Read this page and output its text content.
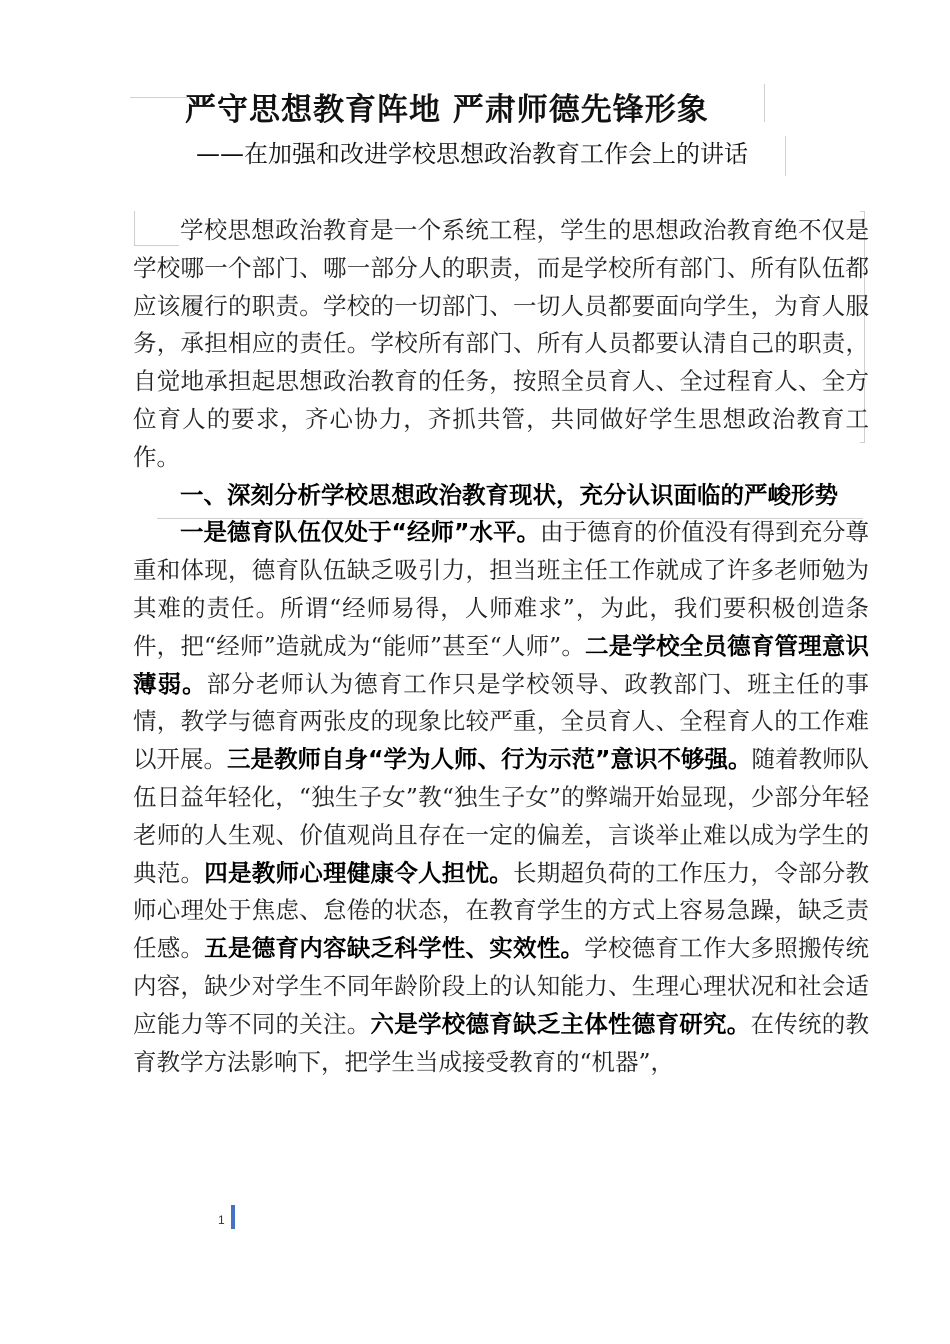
严守思想教育阵地 严肃师德先锋形象
——在加强和改进学校思想政治教育工作会上的讲话

学校思想政治教育是一个系统工程，学生的思想政治教育绝不仅是学校哪一个部门、哪一部分人的职责，而是学校所有部门、所有队伍都应该履行的职责。学校的一切部门、一切人员都要面向学生，为育人服务，承担相应的责任。学校所有部门、所有人员都要认清自己的职责，自觉地承担起思想政治教育的任务，按照全员育人、全过程育人、全方位育人的要求，齐心协力，齐抓共管，共同做好学生思想政治教育工作。

一、深刻分析学校思想政治教育现状，充分认识面临的严峻形势

一是德育队伍仅处于“经师”水平。由于德育的价值没有得到充分尊重和体现，德育队伍缺乏吸引力，担当班主任工作就成了许多老师勉为其难的责任。所谓“经师易得，人师难求”，为此，我们要积极创造条件，把“经师”造就成为“能师”甚至“人师”。二是学校全员德育管理意识薄弱。部分老师认为德育工作只是学校领导、政教部门、班主任的事情，教学与德育两张皮的现象比较严重，全员育人、全程育人的工作难以开展。三是教师自身“学为人师、行为示范”意识不够强。随着教师队伍日益年轻化，“独生子女”教“独生子女”的弊端开始显现，少部分年轻老师的人生观、价值观尚且存在一定的偏差，言谈举止难以成为学生的典范。四是教师心理健康令人担忧。长期超负荷的工作压力，令部分教师心理处于焦虑、怠倦的状态，在教育学生的方式上容易急躁，缺乏责任感。五是德育内容缺乏科学性、实效性。学校德育工作大多照搬传统内容，缺少对学生不同年龄阶段上的认知能力、生理心理状况和社会适应能力等不同的关注。六是学校德育缺乏主体性德育研究。在传统的教育教学方法影响下，把学生当成接受教育的“机器”，

1
